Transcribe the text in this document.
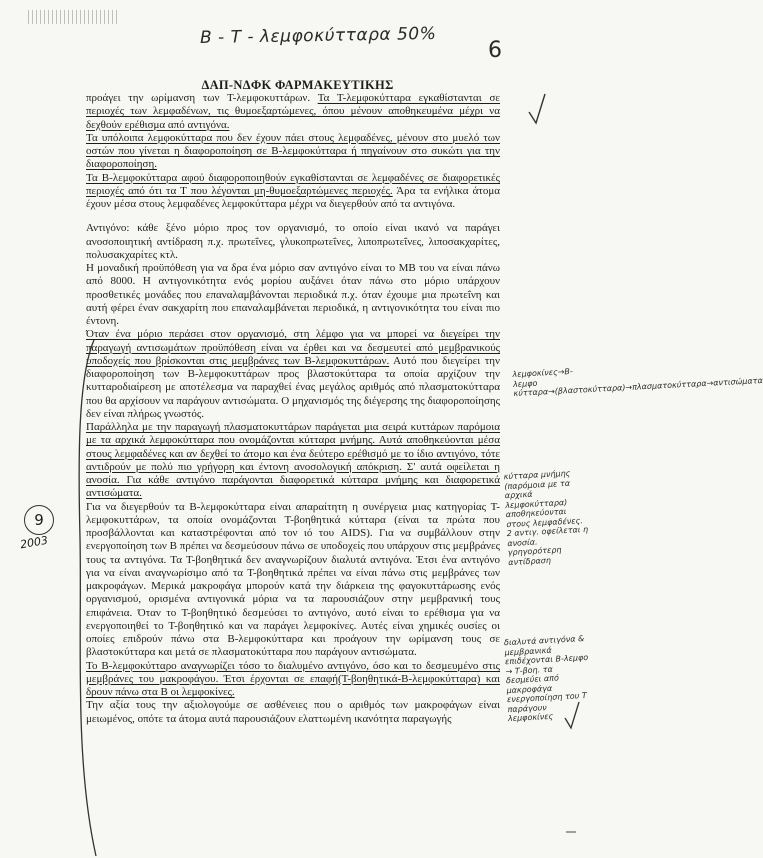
Β - Τ - λεμφοκύτταρα 50%
6
ΔΑΠ-ΝΔΦΚ ΦΑΡΜΑΚΕΥΤΙΚΗΣ

προάγει την ωρίμανση των Τ-λεμφοκυττάρων. Τα Τ-λεμφοκύτταρα εγκαθίστανται σε περιοχές των λεμφαδένων, τις θυμοεξαρτώμενες, όπου μένουν αποθηκευμένα μέχρι να δεχθούν ερέθισμα από αντιγόνα.

Τα υπόλοιπα λεμφοκύτταρα που δεν έχουν πάει στους λεμφαδένες, μένουν στο μυελό των οστών που γίνεται η διαφοροποίηση σε Β-λεμφοκύτταρα ή πηγαίνουν στο συκώτι για την διαφοροποίηση.

Τα Β-λεμφοκύτταρα αφού διαφοροποιηθούν εγκαθίστανται σε λεμφαδένες σε διαφορετικές περιοχές από ότι τα Τ που λέγονται μη-θυμοεξαρτώμενες περιοχές. Άρα τα ενήλικα άτομα έχουν μέσα στους λεμφαδένες λεμφοκύτταρα μέχρι να διεγερθούν από τα αντιγόνα.

Αντιγόνο: κάθε ξένο μόριο προς τον οργανισμό, το οποίο είναι ικανό να παράγει ανοσοποιητική αντίδραση π.χ. πρωτεΐνες, γλυκοπρωτεΐνες, λιποπρωτεΐνες, λιποσακχαρίτες, πολυσακχαρίτες κτλ.

Η μοναδική προϋπόθεση για να δρα ένα μόριο σαν αντιγόνο είναι το ΜΒ του να είναι πάνω από 8000. Η αντιγονικότητα ενός μορίου αυξάνει όταν πάνω στο μόριο υπάρχουν προσθετικές μονάδες που επαναλαμβάνονται περιοδικά π.χ. όταν έχουμε μια πρωτεΐνη και αυτή φέρει έναν σακχαρίτη που επαναλαμβάνεται περιοδικά, η αντιγονικότητα του είναι πιο έντονη.

Όταν ένα μόριο περάσει στον οργανισμό, στη λέμφο για να μπορεί να διεγείρει την παραγωγή αντισωμάτων προϋπόθεση είναι να έρθει και να δεσμευτεί από μεμβρανικούς υποδοχείς που βρίσκονται στις μεμβράνες των Β-λεμφοκυττάρων. Αυτό που διεγείρει την διαφοροποίηση των Β-λεμφοκυττάρων προς βλαστοκύτταρα τα οποία αρχίζουν την κυτταροδιαίρεση με αποτέλεσμα να παραχθεί ένας μεγάλος αριθμός από πλασματοκύτταρα που θα αρχίσουν να παράγουν αντισώματα. Ο μηχανισμός της διέγερσης της διαφοροποίησης δεν είναι πλήρως γνωστός.

Παράλληλα με την παραγωγή πλασματοκυττάρων παράγεται μια σειρά κυττάρων παρόμοια με τα αρχικά λεμφοκύτταρα που ονομάζονται κύτταρα μνήμης. Αυτά αποθηκεύονται μέσα στους λεμφαδένες και αν δεχθεί το άτομο και ένα δεύτερο ερέθισμό με το ίδιο αντιγόνο, τότε αντιδρούν με πολύ πιο γρήγορη και έντονη ανοσολογική απόκριση. Σ' αυτά οφείλεται η ανοσία. Για κάθε αντιγόνο παράγονται διαφορετικά κύτταρα μνήμης και διαφορετικά αντισώματα.

Για να διεγερθούν τα Β-λεμφοκύτταρα είναι απαραίτητη η συνέργεια μιας κατηγορίας Τ-λεμφοκυττάρων, τα οποία ονομάζονται Τ-βοηθητικά κύτταρα (είναι τα πρώτα που προσβάλλονται και καταστρέφονται από τον ιό του AIDS). Για να συμβάλλουν στην ενεργοποίηση των Β πρέπει να δεσμεύσουν πάνω σε υποδοχείς που υπάρχουν στις μεμβράνες τους τα αντιγόνα. Τα Τ-βοηθητικά δεν αναγνωρίζουν διαλυτά αντιγόνα. Έτσι ένα αντιγόνο για να είναι αναγνωρίσιμο από τα Τ-βοηθητικά πρέπει να είναι πάνω στις μεμβράνες των μακροφάγων. Μερικά μακροφάγα μπορούν κατά την διάρκεια της φαγοκυττάρωσης ενός οργανισμού, ορισμένα αντιγονικά μόρια να τα παρουσιάζουν στην μεμβρανική τους επιφάνεια. Όταν το Τ-βοηθητικό δεσμεύσει το αντιγόνο, αυτό είναι το ερέθισμα για να ενεργοποιηθεί το Τ-βοηθητικό και να παράγει λεμφοκίνες. Αυτές είναι χημικές ουσίες οι οποίες επιδρούν πάνω στα Β-λεμφοκύτταρα και προάγουν την ωρίμανση τους σε βλαστοκύτταρα και μετά σε πλασματοκύτταρα που παράγουν αντισώματα.

Το Β-λεμφοκύτταρο αναγνωρίζει τόσο το διαλυμένο αντιγόνο, όσο και το δεσμευμένο στις μεμβράνες του μακροφάγου. Έτσι έρχονται σε επαφή(Τ-βοηθητικά-Β-λεμφοκύτταρα) και δρουν πάνω στα Β οι λεμφοκίνες.

Την αξία τους την αξιολογούμε σε ασθένειες που ο αριθμός των μακροφάγων είναι μειωμένος, οπότε τα άτομα αυτά παρουσιάζουν ελαττωμένη ικανότητα παραγωγής

9
2003
λεμφοκίνες→Β-λεμφο κύτταρα→(βλαστοκύτταρα)→πλασματοκύτταρα→αντισώματα
κύτταρα μνήμης (παρόμοια με τα αρχικά λεμφοκύτταρα) αποθηκεύονται στους λεμφαδένες. 2 αντιγ. οφείλεται η ανοσία. γρηγορότερη αντίδραση
διαλυτά αντιγόνα & μεμβρανικά επιδέχονται Β-λεμφο → Τ-βοη. τα δεσμεύει από μακροφάγα ενεργοποίηση του Τ παράγουν λεμφοκίνες
